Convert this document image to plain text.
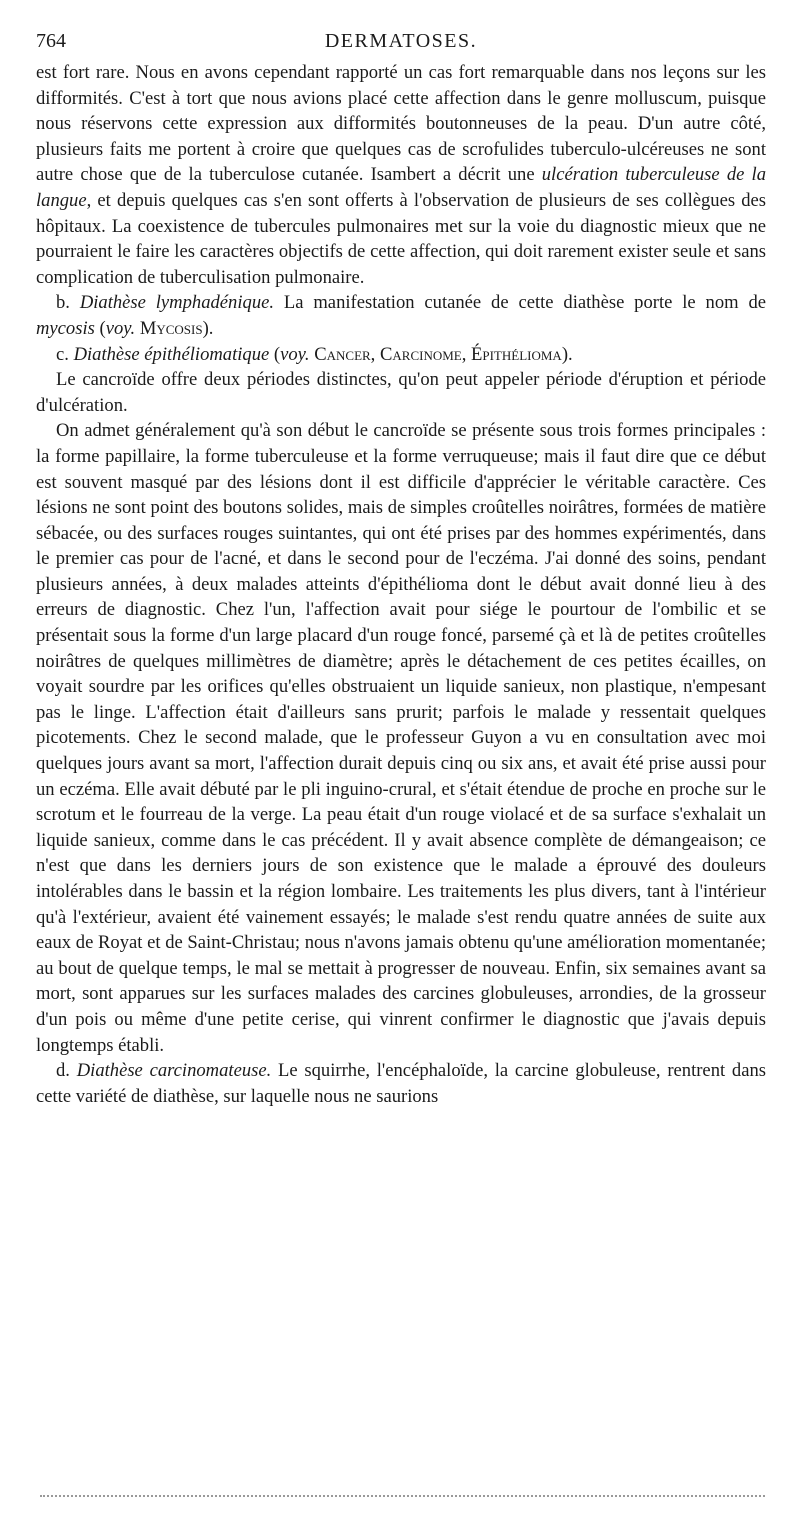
764	DERMATOSES.

est fort rare. Nous en avons cependant rapporté un cas fort remarquable dans nos leçons sur les difformités. C'est à tort que nous avions placé cette affection dans le genre molluscum, puisque nous réservons cette expression aux difformités boutonneuses de la peau. D'un autre côté, plusieurs faits me portent à croire que quelques cas de scrofulides tuberculo-ulcéreuses ne sont autre chose que de la tuberculose cutanée. Isambert a décrit une ulcération tuberculeuse de la langue, et depuis quelques cas s'en sont offerts à l'observation de plusieurs de ses collègues des hôpitaux. La coexistence de tubercules pulmonaires met sur la voie du diagnostic mieux que ne pourraient le faire les caractères objectifs de cette affection, qui doit rarement exister seule et sans complication de tuberculisation pulmonaire.

b. Diathèse lymphadénique. La manifestation cutanée de cette diathèse porte le nom de mycosis (voy. Mycosis).

c. Diathèse épithéliomatique (voy. Cancer, Carcinome, Épithélioma).

Le cancroïde offre deux périodes distinctes, qu'on peut appeler période d'éruption et période d'ulcération.

On admet généralement qu'à son début le cancroïde se présente sous trois formes principales : la forme papillaire, la forme tuberculeuse et la forme verruqueuse; mais il faut dire que ce début est souvent masqué par des lésions dont il est difficile d'apprécier le véritable caractère. Ces lésions ne sont point des boutons solides, mais de simples croûtelles noirâtres, formées de matière sébacée, ou des surfaces rouges suintantes, qui ont été prises par des hommes expérimentés, dans le premier cas pour de l'acné, et dans le second pour de l'eczéma. J'ai donné des soins, pendant plusieurs années, à deux malades atteints d'épithélioma dont le début avait donné lieu à des erreurs de diagnostic. Chez l'un, l'affection avait pour siége le pourtour de l'ombilic et se présentait sous la forme d'un large placard d'un rouge foncé, parsemé çà et là de petites croûtelles noirâtres de quelques millimètres de diamètre; après le détachement de ces petites écailles, on voyait sourdre par les orifices qu'elles obstruaient un liquide sanieux, non plastique, n'empesant pas le linge. L'affection était d'ailleurs sans prurit; parfois le malade y ressentait quelques picotements. Chez le second malade, que le professeur Guyon a vu en consultation avec moi quelques jours avant sa mort, l'affection durait depuis cinq ou six ans, et avait été prise aussi pour un eczéma. Elle avait débuté par le pli inguino-crural, et s'était étendue de proche en proche sur le scrotum et le fourreau de la verge. La peau était d'un rouge violacé et de sa surface s'exhalait un liquide sanieux, comme dans le cas précédent. Il y avait absence complète de démangeaison; ce n'est que dans les derniers jours de son existence que le malade a éprouvé des douleurs intolérables dans le bassin et la région lombaire. Les traitements les plus divers, tant à l'intérieur qu'à l'extérieur, avaient été vainement essayés; le malade s'est rendu quatre années de suite aux eaux de Royat et de Saint-Christau; nous n'avons jamais obtenu qu'une amélioration momentanée; au bout de quelque temps, le mal se mettait à progresser de nouveau. Enfin, six semaines avant sa mort, sont apparues sur les surfaces malades des carcines globuleuses, arrondies, de la grosseur d'un pois ou même d'une petite cerise, qui vinrent confirmer le diagnostic que j'avais depuis longtemps établi.

d. Diathèse carcinomateuse. Le squirrhe, l'encéphaloïde, la carcine globuleuse, rentrent dans cette variété de diathèse, sur laquelle nous ne saurions
